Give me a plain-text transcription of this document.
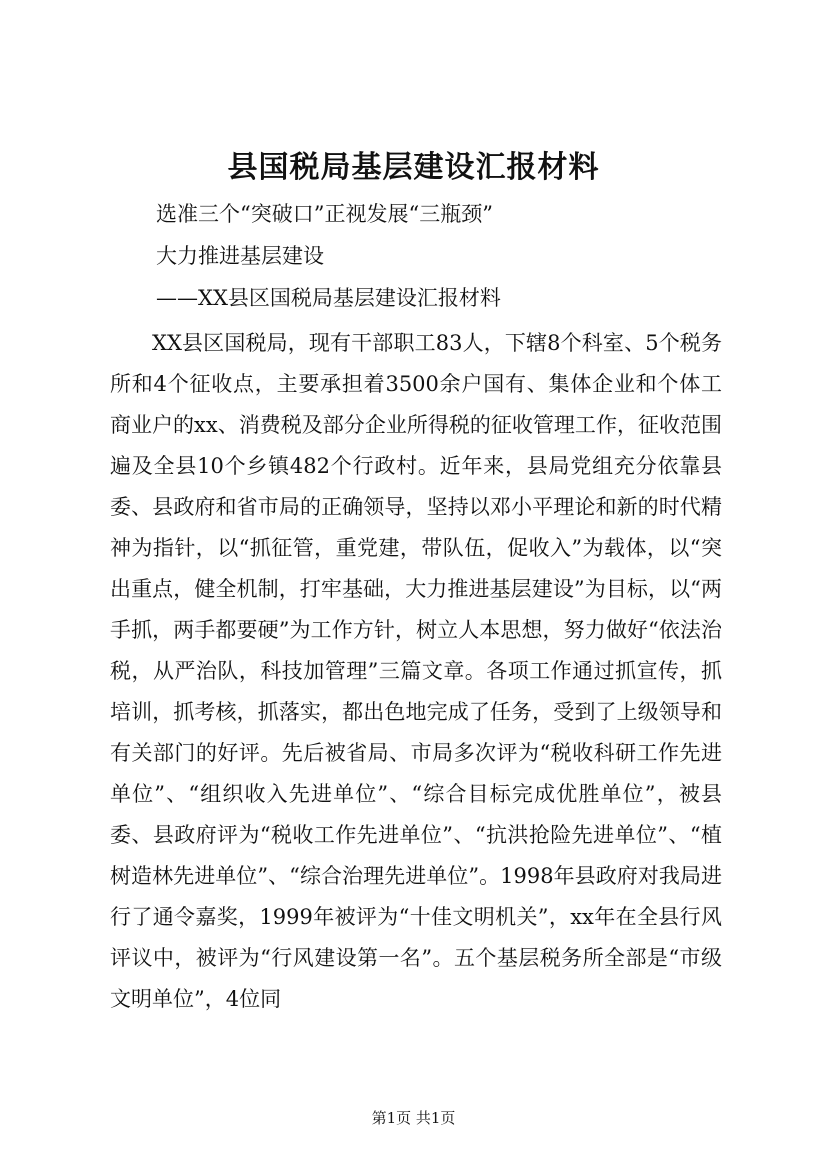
县国税局基层建设汇报材料
选准三个“突破口”正视发展“三瓶颈”
大力推进基层建设
——XX县区国税局基层建设汇报材料

XX县区国税局，现有干部职工83人，下辖8个科室、5个税务所和4个征收点，主要承担着3500余户国有、集体企业和个体工商业户的xx、消费税及部分企业所得税的征收管理工作，征收范围遍及全县10个乡镇482个行政村。近年来，县局党组充分依靠县委、县政府和省市局的正确领导，坚持以邓小平理论和新的时代精神为指针，以“抓征管，重党建，带队伍，促收入”为载体，以“突出重点，健全机制，打牢基础，大力推进基层建设”为目标，以“两手抓，两手都要硬”为工作方针，树立人本思想，努力做好“依法治税，从严治队，科技加管理”三篇文章。各项工作通过抓宣传，抓培训，抓考核，抓落实，都出色地完成了任务，受到了上级领导和有关部门的好评。先后被省局、市局多次评为“税收科研工作先进单位”、“组织收入先进单位”、“综合目标完成优胜单位”，被县委、县政府评为“税收工作先进单位”、“抗洪抢险先进单位”、“植树造林先进单位”、“综合治理先进单位”。1998年县政府对我局进行了通令嘉奖，1999年被评为“十佳文明机关”，xx年在全县行风评议中，被评为“行风建设第一名”。五个基层税务所全部是“市级文明单位”，4位同

第1页 共1页
